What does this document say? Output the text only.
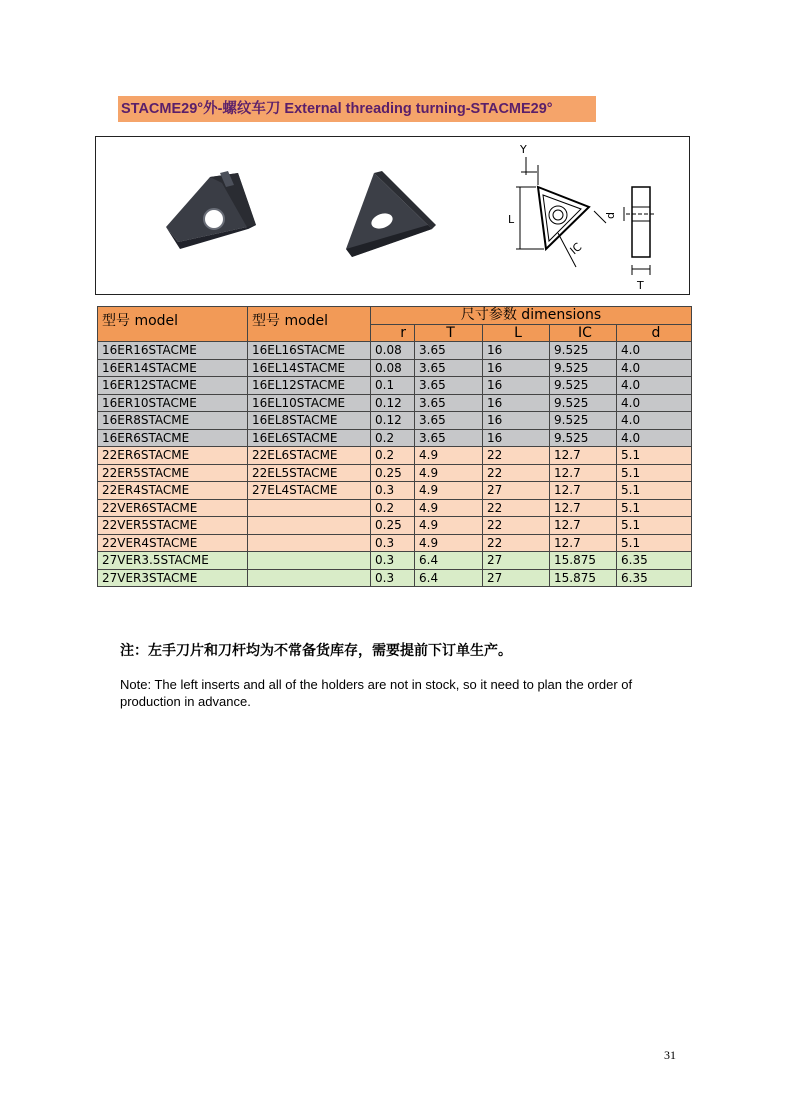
STACME29°外-螺纹车刀 External threading turning-STACME29°
Y
L
IC
d
T
型号 model	型号 model	尺寸参数 dimensions				
		r	T	L	IC	d
16ER16STACME	16EL16STACME	0.08	3.65	16	9.525	4.0
16ER14STACME	16EL14STACME	0.08	3.65	16	9.525	4.0
16ER12STACME	16EL12STACME	0.1	3.65	16	9.525	4.0
16ER10STACME	16EL10STACME	0.12	3.65	16	9.525	4.0
16ER8STACME	16EL8STACME	0.12	3.65	16	9.525	4.0
16ER6STACME	16EL6STACME	0.2	3.65	16	9.525	4.0
22ER6STACME	22EL6STACME	0.2	4.9	22	12.7	5.1
22ER5STACME	22EL5STACME	0.25	4.9	22	12.7	5.1
22ER4STACME	27EL4STACME	0.3	4.9	27	12.7	5.1
22VER6STACME		0.2	4.9	22	12.7	5.1
22VER5STACME		0.25	4.9	22	12.7	5.1
22VER4STACME		0.3	4.9	22	12.7	5.1
27VER3.5STACME		0.3	6.4	27	15.875	6.35
27VER3STACME		0.3	6.4	27	15.875	6.35
注：左手刀片和刀杆均为不常备货库存，需要提前下订单生产。
Note: The left inserts and all of the holders are not in stock, so it need to plan the order of production in advance.
31
